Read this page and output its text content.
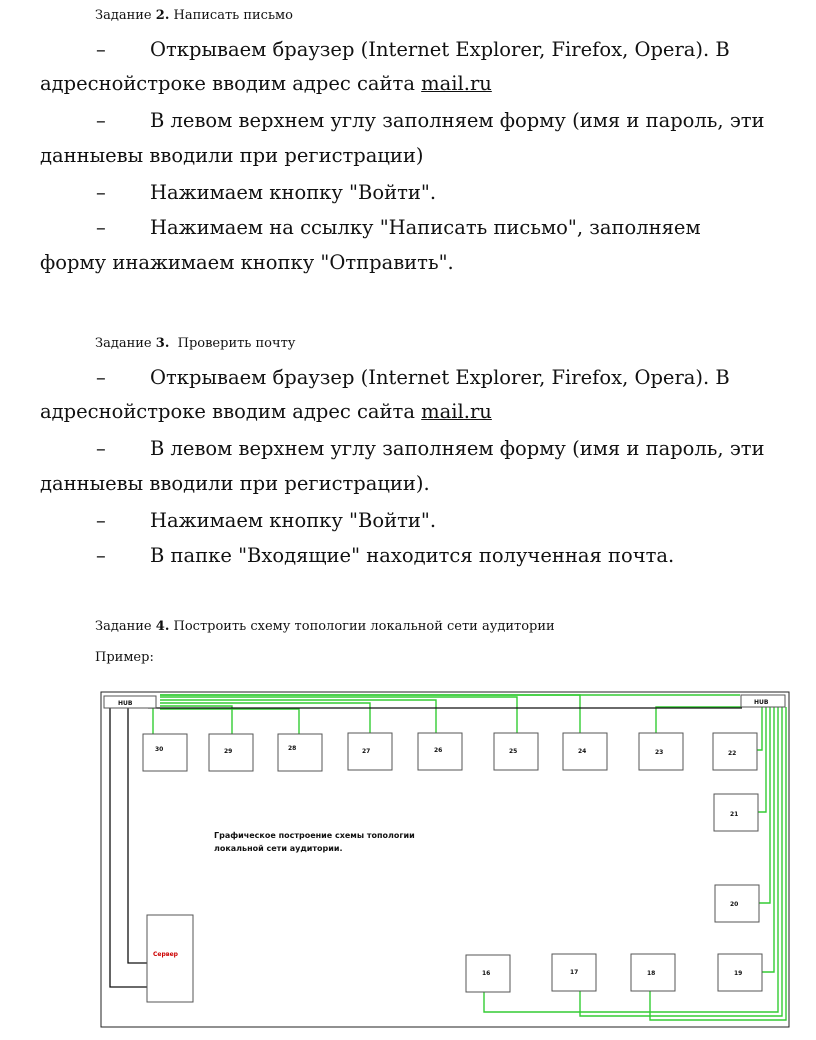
Задание 2. Написать письмо
– Открываем браузер (Internet Explorer, Firefox, Opera). В
адреснойстроке вводим адрес сайта mail.ru
– В левом верхнем углу заполняем форму (имя и пароль, эти
данныевы вводили при регистрации)
– Нажимаем кнопку "Войти".
– Нажимаем на ссылку "Написать письмо", заполняем
форму инажимаем кнопку "Отправить".
Задание 3. Проверить почту
– Открываем браузер (Internet Explorer, Firefox, Opera). В
адреснойстроке вводим адрес сайта mail.ru
– В левом верхнем углу заполняем форму (имя и пароль, эти
данныевы вводили при регистрации).
– Нажимаем кнопку "Войти".
– В папке "Входящие" находится полученная почта.
Задание 4. Построить схему топологии локальной сети аудитории
Пример:
HUB	HUB
30	29	28	27	26	25	24	23	22
21
20
19
18
17
16
Сервер
Графическое построение схемы топологии
локальной сети аудитории.
